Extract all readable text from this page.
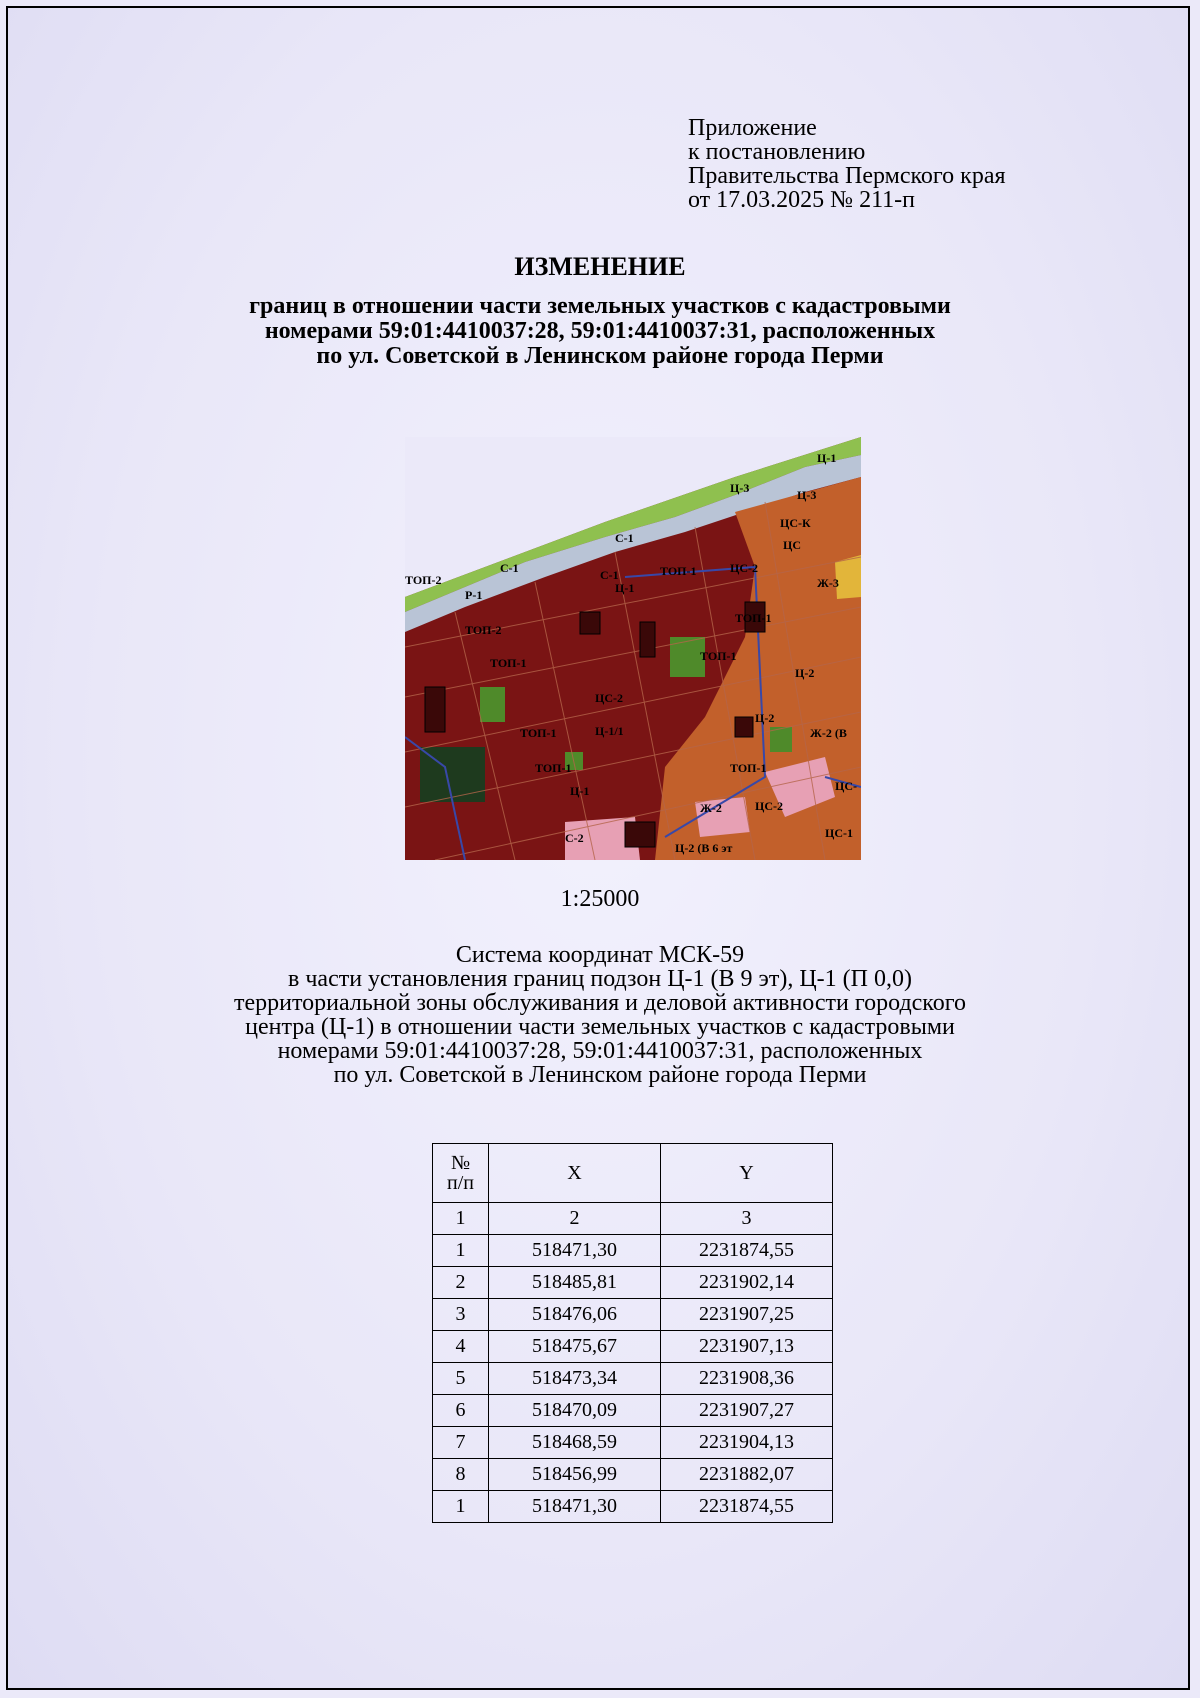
Приложение
к постановлению
Правительства Пермского края
от 17.03.2025 № 211-п
ИЗМЕНЕНИЕ
границ в отношении части земельных участков с кадастровыми
номерами 59:01:4410037:28, 59:01:4410037:31, расположенных
по ул. Советской в Ленинском районе города Перми
Ц-1
Ц-3	Ц-3
С-1
С-1
ЦС-К
ЦС
ТОП-2
Р-1
ТОП-1
С-1
Ц-1
ЦС-2
Ж-3
ТОП-2
ТОП-1
ТОП-1
Ц-2
ТОП-1
ЦС-2
Ц-1/1
ТОП-1
Ц-2
Ж-2 (В
ТОП-1
ТОП-1
Ц-1
Ж-2	ЦС-2
ЦС-
ЦС-1
С-2
Ц-2 (В 6 эт
1:25000
Система координат МСК-59
в части установления границ подзон Ц-1 (В 9 эт), Ц-1 (П 0,0)
территориальной зоны обслуживания и деловой активности городского
центра (Ц-1) в отношении части земельных участков с кадастровыми
номерами 59:01:4410037:28, 59:01:4410037:31, расположенных
по ул. Советской в Ленинском районе города Перми
№
п/п	X	Y
1	2	3
1	518471,30	2231874,55
2	518485,81	2231902,14
3	518476,06	2231907,25
4	518475,67	2231907,13
5	518473,34	2231908,36
6	518470,09	2231907,27
7	518468,59	2231904,13
8	518456,99	2231882,07
1	518471,30	2231874,55
